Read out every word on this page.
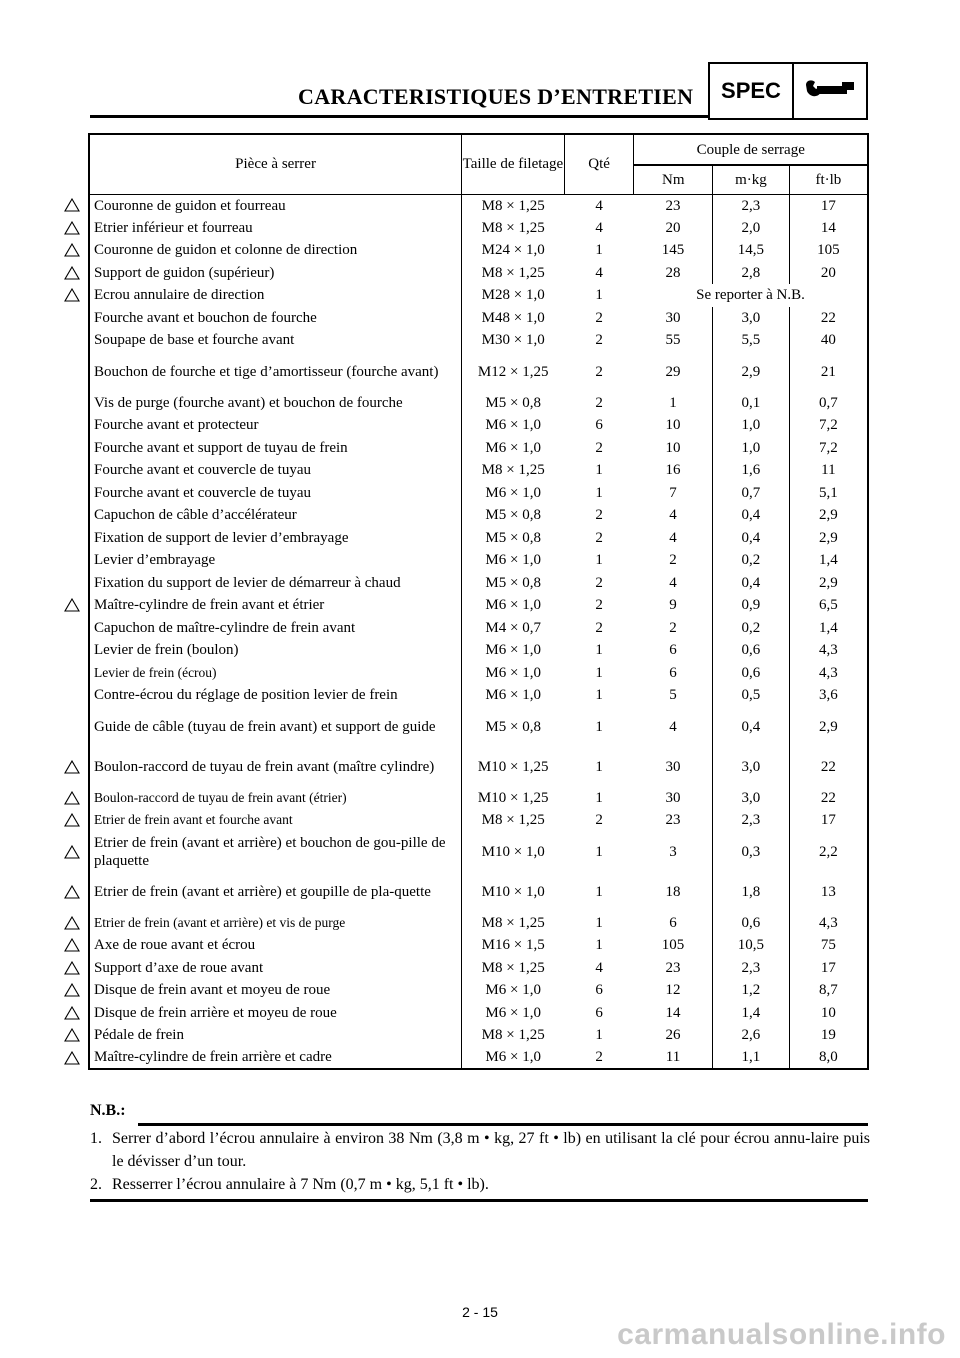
CARACTERISTIQUES D’ENTRETIEN	SPEC
Pièce à serrer	Taille de filetage	Qté	Couple de serrage		
			Nm	m·kg	ft·lb
Couronne de guidon et fourreau	M8 × 1,25	4	23	2,3	17
Etrier inférieur et fourreau	M8 × 1,25	4	20	2,0	14
Couronne de guidon et colonne de direction	M24 × 1,0	1	145	14,5	105
Support de guidon (supérieur)	M8 × 1,25	4	28	2,8	20
Ecrou annulaire de direction	M28 × 1,0	1	Se reporter à N.B.		
Fourche avant et bouchon de fourche	M48 × 1,0	2	30	3,0	22
Soupape de base et fourche avant	M30 × 1,0	2	55	5,5	40
Bouchon de fourche et tige d’amortisseur (fourche avant)	M12 × 1,25	2	29	2,9	21
Vis de purge (fourche avant) et bouchon de fourche	M5 × 0,8	2	1	0,1	0,7
Fourche avant et protecteur	M6 × 1,0	6	10	1,0	7,2
Fourche avant et support de tuyau de frein	M6 × 1,0	2	10	1,0	7,2
Fourche avant et couvercle de tuyau	M8 × 1,25	1	16	1,6	11
Fourche avant et couvercle de tuyau	M6 × 1,0	1	7	0,7	5,1
Capuchon de câble d’accélérateur	M5 × 0,8	2	4	0,4	2,9
Fixation de support de levier d’embrayage	M5 × 0,8	2	4	0,4	2,9
Levier d’embrayage	M6 × 1,0	1	2	0,2	1,4
Fixation du support de levier de démarreur à chaud	M5 × 0,8	2	4	0,4	2,9
Maître-cylindre de frein avant et étrier	M6 × 1,0	2	9	0,9	6,5
Capuchon de maître-cylindre de frein avant	M4 × 0,7	2	2	0,2	1,4
Levier de frein (boulon)	M6 × 1,0	1	6	0,6	4,3
Levier de frein (écrou)	M6 × 1,0	1	6	0,6	4,3
Contre-écrou du réglage de position levier de frein	M6 × 1,0	1	5	0,5	3,6
Guide de câble (tuyau de frein avant) et support de guide	M5 × 0,8	1	4	0,4	2,9
Boulon-raccord de tuyau de frein avant (maître cylindre)	M10 × 1,25	1	30	3,0	22
Boulon-raccord de tuyau de frein avant (étrier)	M10 × 1,25	1	30	3,0	22
Etrier de frein avant et fourche avant	M8 × 1,25	2	23	2,3	17
Etrier de frein (avant et arrière) et bouchon de gou-pille de plaquette	M10 × 1,0	1	3	0,3	2,2
Etrier de frein (avant et arrière) et goupille de pla-quette	M10 × 1,0	1	18	1,8	13
Etrier de frein (avant et arrière) et vis de purge	M8 × 1,25	1	6	0,6	4,3
Axe de roue avant et écrou	M16 × 1,5	1	105	10,5	75
Support d’axe de roue avant	M8 × 1,25	4	23	2,3	17
Disque de frein avant et moyeu de roue	M6 × 1,0	6	12	1,2	8,7
Disque de frein arrière et moyeu de roue	M6 × 1,0	6	14	1,4	10
Pédale de frein	M8 × 1,25	1	26	2,6	19
Maître-cylindre de frein arrière et cadre	M6 × 1,0	2	11	1,1	8,0
N.B.:
1. Serrer d’abord l’écrou annulaire à environ 38 Nm (3,8 m • kg, 27 ft • lb) en utilisant la clé pour écrou annu-laire puis le dévisser d’un tour.
2. Resserrer l’écrou annulaire à 7 Nm (0,7 m • kg, 5,1 ft • lb).
2 - 15
carmanualsonline.info
